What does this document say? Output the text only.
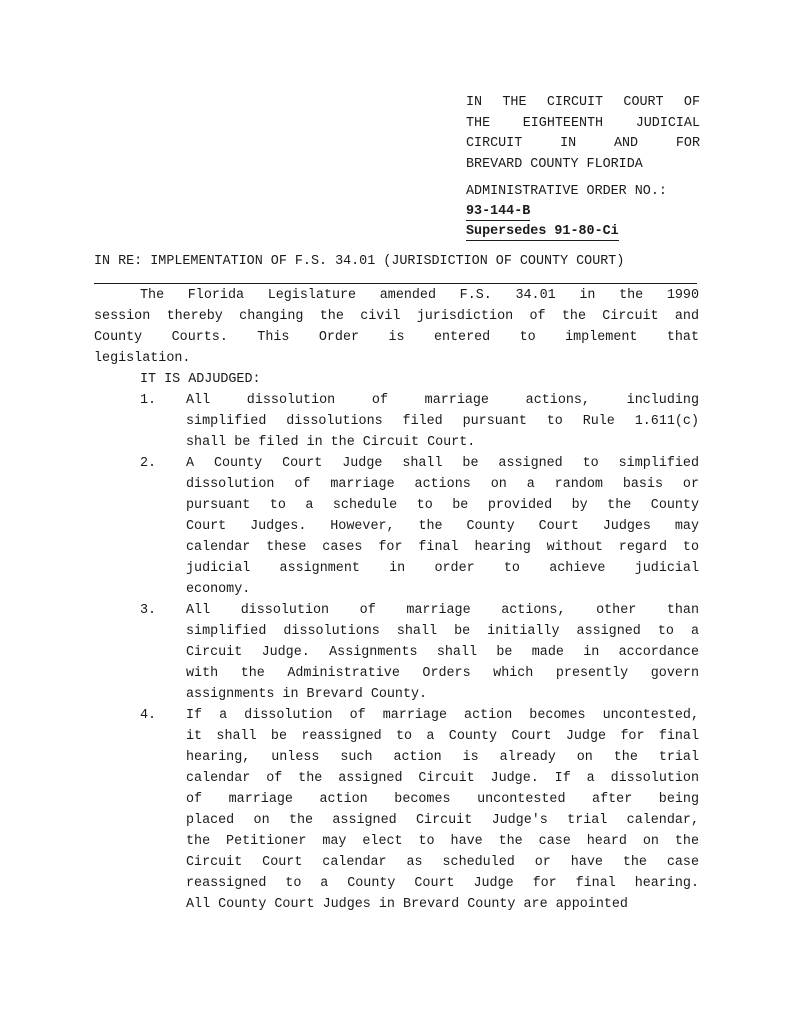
IN THE CIRCUIT COURT OF
THE EIGHTEENTH JUDICIAL
CIRCUIT IN AND FOR
BREVARD COUNTY FLORIDA
ADMINISTRATIVE ORDER NO.:
93-144-B
Supersedes 91-80-Ci
IN RE: IMPLEMENTATION OF F.S. 34.01 (JURISDICTION OF COUNTY COURT)

The Florida Legislature amended F.S. 34.01 in the 1990
session thereby changing the civil jurisdiction of the Circuit and
County Courts. This Order is entered to implement that
legislation.

IT IS ADJUDGED:

1. All dissolution of marriage actions, including
simplified dissolutions filed pursuant to Rule 1.611(c)
shall be filed in the Circuit Court.
2. A County Court Judge shall be assigned to simplified
dissolution of marriage actions on a random basis or
pursuant to a schedule to be provided by the County
Court Judges. However, the County Court Judges may
calendar these cases for final hearing without regard to
judicial assignment in order to achieve judicial
economy.
3. All dissolution of marriage actions, other than
simplified dissolutions shall be initially assigned to a
Circuit Judge. Assignments shall be made in accordance
with the Administrative Orders which presently govern
assignments in Brevard County.
4. If a dissolution of marriage action becomes uncontested,
it shall be reassigned to a County Court Judge for final
hearing, unless such action is already on the trial
calendar of the assigned Circuit Judge. If a dissolution
of marriage action becomes uncontested after being
placed on the assigned Circuit Judge's trial calendar,
the Petitioner may elect to have the case heard on the
Circuit Court calendar as scheduled or have the case
reassigned to a County Court Judge for final hearing.
All County Court Judges in Brevard County are appointed
